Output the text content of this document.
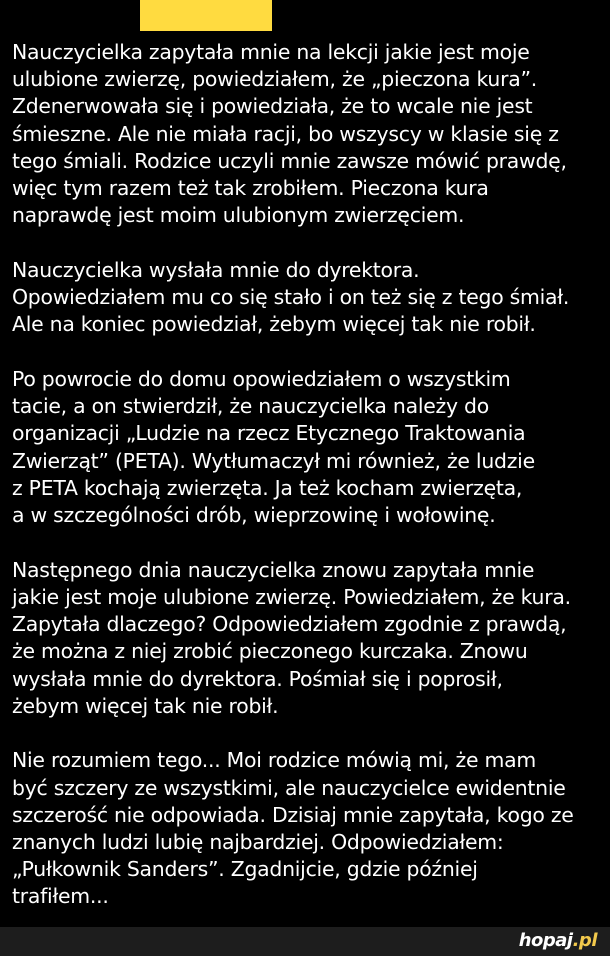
Nauczycielka zapytała mnie na lekcji jakie jest moje
ulubione zwierzę, powiedziałem, że „pieczona kura”.
Zdenerwowała się i powiedziała, że to wcale nie jest
śmieszne. Ale nie miała racji, bo wszyscy w klasie się z
tego śmiali. Rodzice uczyli mnie zawsze mówić prawdę,
więc tym razem też tak zrobiłem. Pieczona kura
naprawdę jest moim ulubionym zwierzęciem.
Nauczycielka wysłała mnie do dyrektora.
Opowiedziałem mu co się stało i on też się z tego śmiał.
Ale na koniec powiedział, żebym więcej tak nie robił.
Po powrocie do domu opowiedziałem o wszystkim
tacie, a on stwierdził, że nauczycielka należy do
organizacji „Ludzie na rzecz Etycznego Traktowania
Zwierząt” (PETA). Wytłumaczył mi również, że ludzie
z PETA kochają zwierzęta. Ja też kocham zwierzęta,
a w szczególności drób, wieprzowinę i wołowinę.
Następnego dnia nauczycielka znowu zapytała mnie
jakie jest moje ulubione zwierzę. Powiedziałem, że kura.
Zapytała dlaczego? Odpowiedziałem zgodnie z prawdą,
że można z niej zrobić pieczonego kurczaka. Znowu
wysłała mnie do dyrektora. Pośmiał się i poprosił,
żebym więcej tak nie robił.
Nie rozumiem tego... Moi rodzice mówią mi, że mam
być szczery ze wszystkimi, ale nauczycielce ewidentnie
szczerość nie odpowiada. Dzisiaj mnie zapytała, kogo ze
znanych ludzi lubię najbardziej. Odpowiedziałem:
„Pułkownik Sanders”. Zgadnijcie, gdzie później
trafiłem...
hopaj.pl
